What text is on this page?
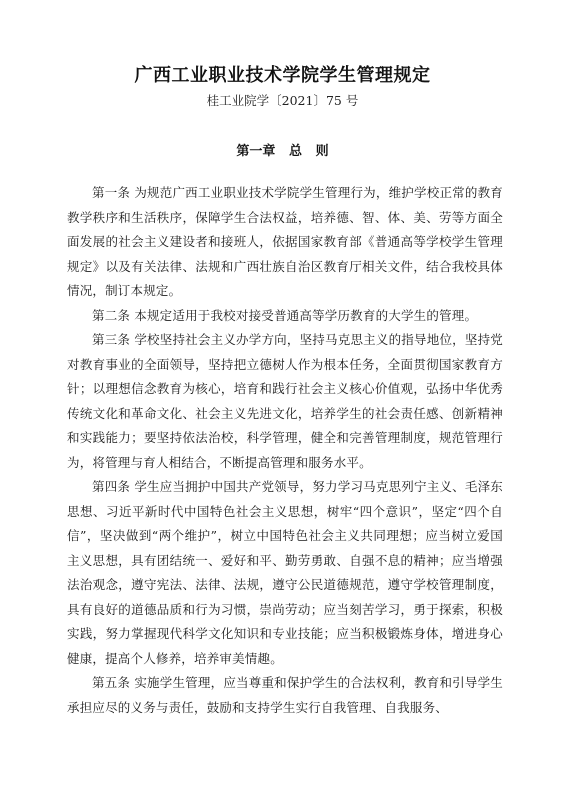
广西工业职业技术学院学生管理规定
桂工业院学〔2021〕75 号
第一章   总   则

第一条 为规范广西工业职业技术学院学生管理行为，维护学校正常的教育教学秩序和生活秩序，保障学生合法权益，培养德、智、体、美、劳等方面全面发展的社会主义建设者和接班人，依据国家教育部《普通高等学校学生管理规定》以及有关法律、法规和广西壮族自治区教育厅相关文件，结合我校具体情况，制订本规定。

第二条 本规定适用于我校对接受普通高等学历教育的大学生的管理。

第三条 学校坚持社会主义办学方向，坚持马克思主义的指导地位，坚持党对教育事业的全面领导，坚持把立德树人作为根本任务，全面贯彻国家教育方针；以理想信念教育为核心，培育和践行社会主义核心价值观，弘扬中华优秀传统文化和革命文化、社会主义先进文化，培养学生的社会责任感、创新精神和实践能力；要坚持依法治校，科学管理，健全和完善管理制度，规范管理行为，将管理与育人相结合，不断提高管理和服务水平。

第四条 学生应当拥护中国共产党领导，努力学习马克思列宁主义、毛泽东思想、习近平新时代中国特色社会主义思想，树牢“四个意识”，坚定“四个自信”，坚决做到“两个维护”，树立中国特色社会主义共同理想；应当树立爱国主义思想，具有团结统一、爱好和平、勤劳勇敢、自强不息的精神；应当增强法治观念，遵守宪法、法律、法规，遵守公民道德规范，遵守学校管理制度，具有良好的道德品质和行为习惯，崇尚劳动；应当刻苦学习，勇于探索，积极实践，努力掌握现代科学文化知识和专业技能；应当积极锻炼身体，增进身心健康，提高个人修养，培养审美情趣。

第五条 实施学生管理，应当尊重和保护学生的合法权利，教育和引导学生承担应尽的义务与责任，鼓励和支持学生实行自我管理、自我服务、
